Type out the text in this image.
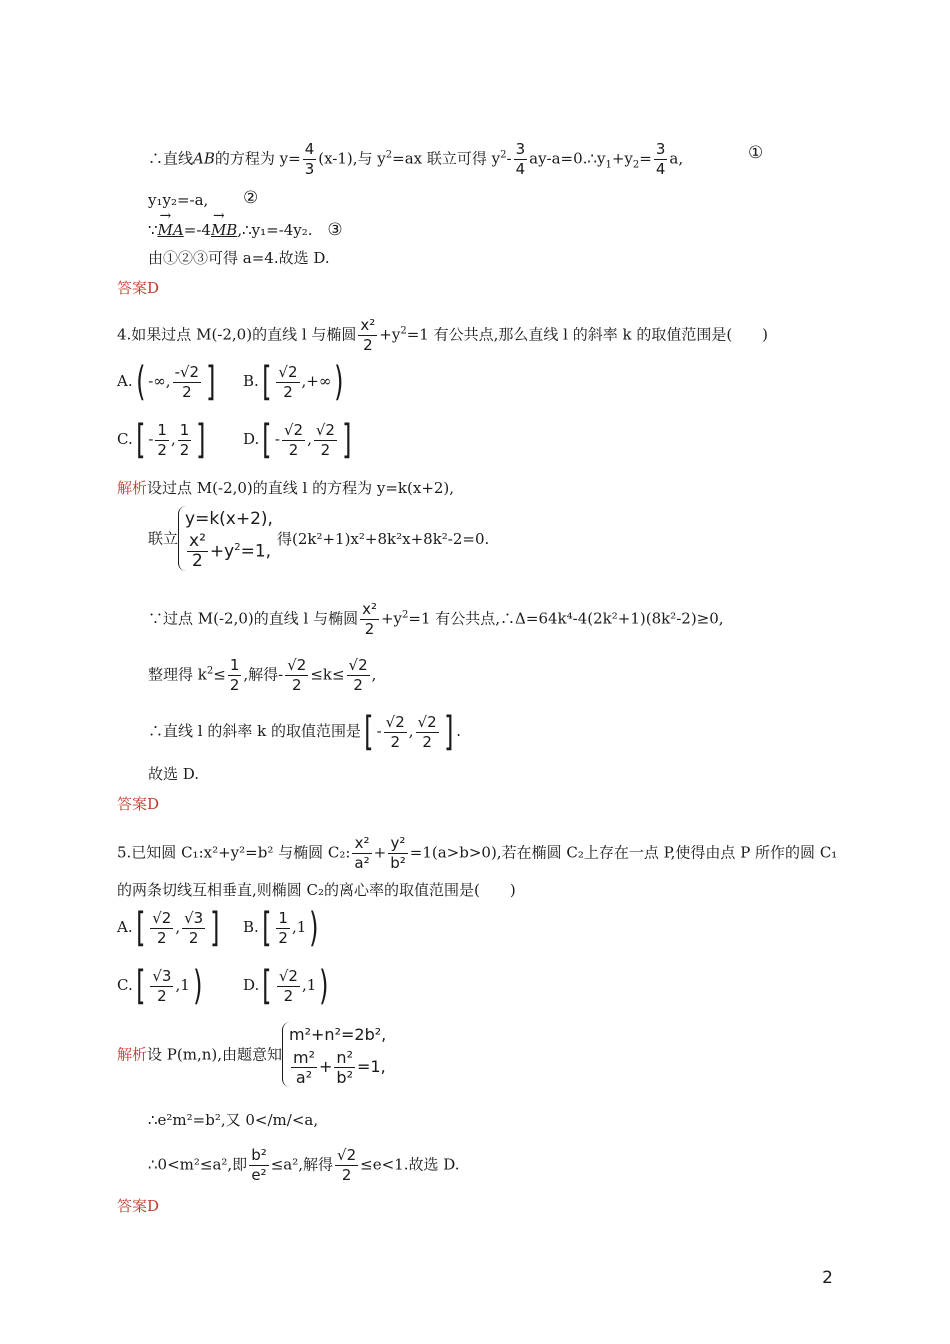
∴直线AB的方程为 $y= \frac{4}{3} (x-1)$,与 $y^2=ax$ 联立可得 $y^2- \frac{3}{4}$ $ay-a=0.\therefore y_1+y_2= \frac{3}{4} a$,	①
y₁y₂=-a, ②
∵→ MA=-4→ MB,∴y₁=-4y₂. ③
由①②③可得 a=4.故选 D.
答案D
4.如果过点 M(-2,0)的直线 l 与椭圆 $\frac{\text{x²}}{2} +y^2=1$ 有公共点,那么直线 l 的斜率 k 的取值范围是(　　)
A.( -∞, $\frac{-√2}{2}$ ] $B.[ \frac{√2}{2}$ ,+∞)
$C.[ - \frac{1}{2}$ , $\frac{1}{2}$ ] $D.[ - \frac{√2}{2}$ , $\frac{√2}{2}$ ]
解析设过点 M(-2,0)的直线 l 的方程为 y=k(x+2),
联立
y=k(x+2),
$\frac{\text{x²}}{2} +y^2=1$,
得(2k²+1)x²+8k²x+8k²-2=0.
∵过点 M(-2,0)的直线 l 与椭圆 $\frac{\text{x²}}{2} +y^2=1$ 有公共点,∴Δ=64k⁴-4(2k²+1)(8k²-2)≥0,
整理得 $k^2\le \frac{1}{2}$ ,解得- $\frac{√2}{2} \le k\le \frac{√2}{2}$ ,
∴直线 l 的斜率 k 的取值范围是[ - $\frac{√2}{2}$ , $\frac{√2}{2}$ ] .
故选 D.
答案D
5.已知圆 C₁:x²+y²=b² 与椭圆 C₂: $\frac{\text{x²}}{\text{a²}} + \frac{\text{y²}}{\text{b²}} =1(a>b>0)$,若在椭圆 C₂上存在一点 P,使得由点 P 所作的圆 C₁
的两条切线互相垂直,则椭圆 C₂的离心率的取值范围是(　　)
$A.[ \frac{√2}{2}$ , $\frac{√3}{2}$ ] $B.[ \frac{1}{2} ,1)$
$C.[ \frac{√3}{2} ,1)$	$D.[ \frac{√2}{2} ,1)$
解析设 P(m,n),由题意知
m²+n²=2b²,
$\frac{\text{m²}}{\text{a²}} + \frac{\text{n²}}{\text{b²}} =1$,
∴e²m²=b²,又 0</m/<a,
∴0<m²≤a²,即 $\frac{\text{b²}}{\text{e²}} \le a^2$,解得 $\frac{√2}{2} \le e<1$.故选 D.
答案D
2
